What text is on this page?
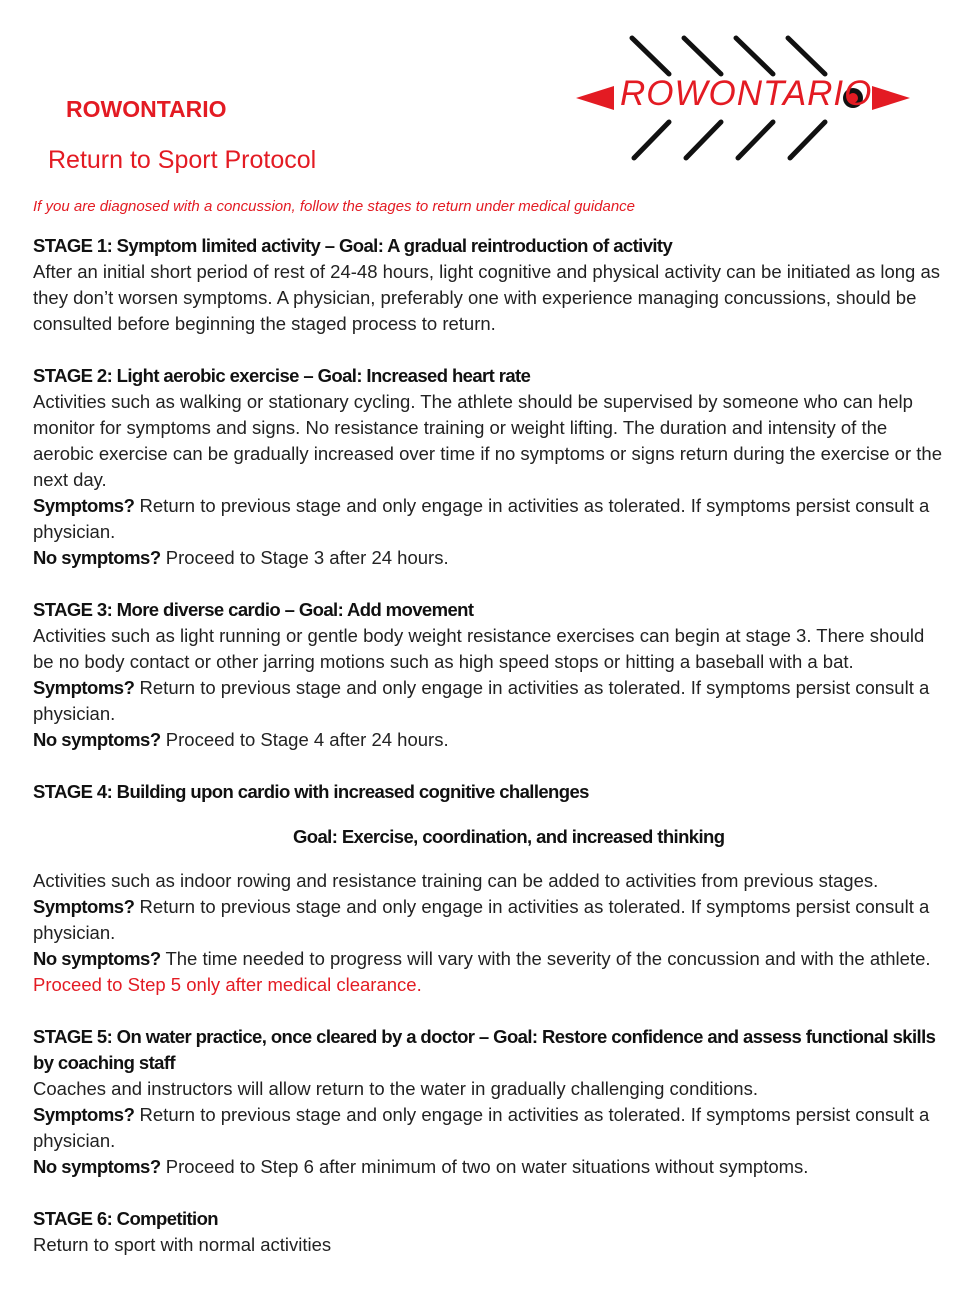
ROWONTARIO
Return to Sport Protocol

If you are diagnosed with a concussion, follow the stages to return under medical guidance

ROWONTARIO

STAGE 1: Symptom limited activity – Goal: A gradual reintroduction of activity

After an initial short period of rest of 24-48 hours, light cognitive and physical activity can be initiated as long as they don’t worsen symptoms. A physician, preferably one with experience managing concussions, should be consulted before beginning the staged process to return.

STAGE 2: Light aerobic exercise – Goal: Increased heart rate

Activities such as walking or stationary cycling. The athlete should be supervised by someone who can help monitor for symptoms and signs. No resistance training or weight lifting. The duration and intensity of the aerobic exercise can be gradually increased over time if no symptoms or signs return during the exercise or the next day.

Symptoms? Return to previous stage and only engage in activities as tolerated. If symptoms persist consult a physician.

No symptoms? Proceed to Stage 3 after 24 hours.

STAGE 3: More diverse cardio – Goal: Add movement

Activities such as light running or gentle body weight resistance exercises can begin at stage 3. There should be no body contact or other jarring motions such as high speed stops or hitting a baseball with a bat.

Symptoms? Return to previous stage and only engage in activities as tolerated. If symptoms persist consult a physician.

No symptoms? Proceed to Stage 4 after 24 hours.

STAGE 4: Building upon cardio with increased cognitive challenges

Goal: Exercise, coordination, and increased thinking

Activities such as indoor rowing and resistance training can be added to activities from previous stages.

Symptoms? Return to previous stage and only engage in activities as tolerated. If symptoms persist consult a physician.

No symptoms? The time needed to progress will vary with the severity of the concussion and with the athlete. Proceed to Step 5 only after medical clearance.

STAGE 5: On water practice, once cleared by a doctor – Goal: Restore confidence and assess functional skills by coaching staff

Coaches and instructors will allow return to the water in gradually challenging conditions.

Symptoms? Return to previous stage and only engage in activities as tolerated. If symptoms persist consult a physician.

No symptoms? Proceed to Step 6 after minimum of two on water situations without symptoms.

STAGE 6: Competition

Return to sport with normal activities
